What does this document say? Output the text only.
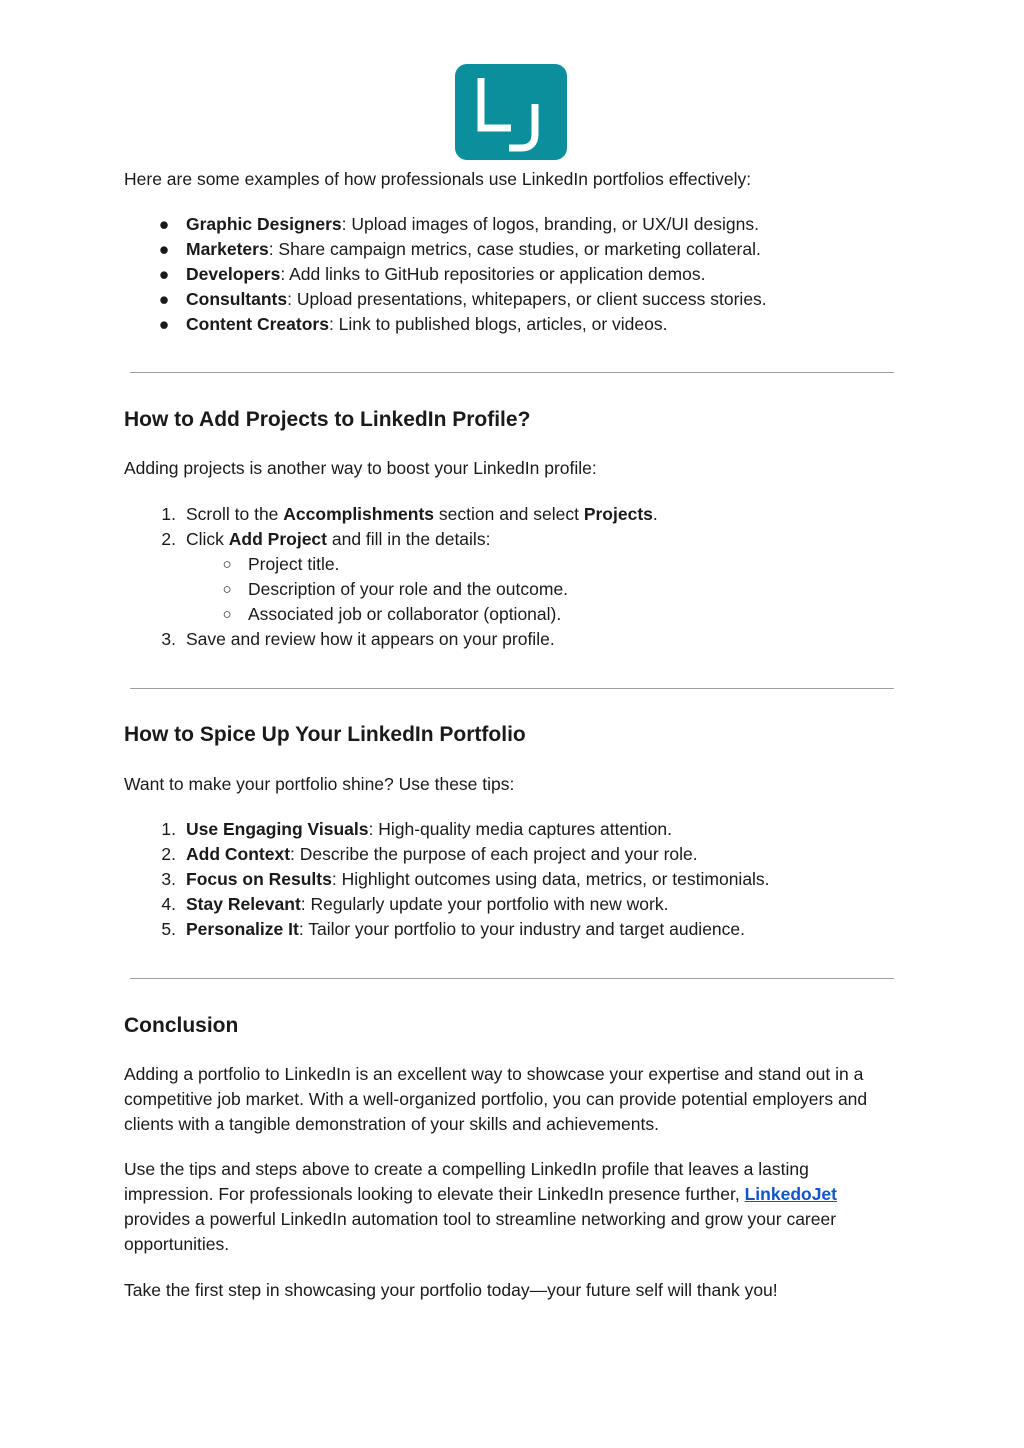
Here are some examples of how professionals use LinkedIn portfolios effectively:

● Graphic Designers: Upload images of logos, branding, or UX/UI designs.
● Marketers: Share campaign metrics, case studies, or marketing collateral.
● Developers: Add links to GitHub repositories or application demos.
● Consultants: Upload presentations, whitepapers, or client success stories.
● Content Creators: Link to published blogs, articles, or videos.
How to Add Projects to LinkedIn Profile?

Adding projects is another way to boost your LinkedIn profile:

1. Scroll to the Accomplishments section and select Projects.
2. Click Add Project and fill in the details:
○ Project title.
○ Description of your role and the outcome.
○ Associated job or collaborator (optional).
3. Save and review how it appears on your profile.
How to Spice Up Your LinkedIn Portfolio

Want to make your portfolio shine? Use these tips:

1. Use Engaging Visuals: High-quality media captures attention.
2. Add Context: Describe the purpose of each project and your role.
3. Focus on Results: Highlight outcomes using data, metrics, or testimonials.
4. Stay Relevant: Regularly update your portfolio with new work.
5. Personalize It: Tailor your portfolio to your industry and target audience.
Conclusion

Adding a portfolio to LinkedIn is an excellent way to showcase your expertise and stand out in a competitive job market. With a well-organized portfolio, you can provide potential employers and clients with a tangible demonstration of your skills and achievements.

Use the tips and steps above to create a compelling LinkedIn profile that leaves a lasting impression. For professionals looking to elevate their LinkedIn presence further, LinkedoJet provides a powerful LinkedIn automation tool to streamline networking and grow your career opportunities.

Take the first step in showcasing your portfolio today—your future self will thank you!
